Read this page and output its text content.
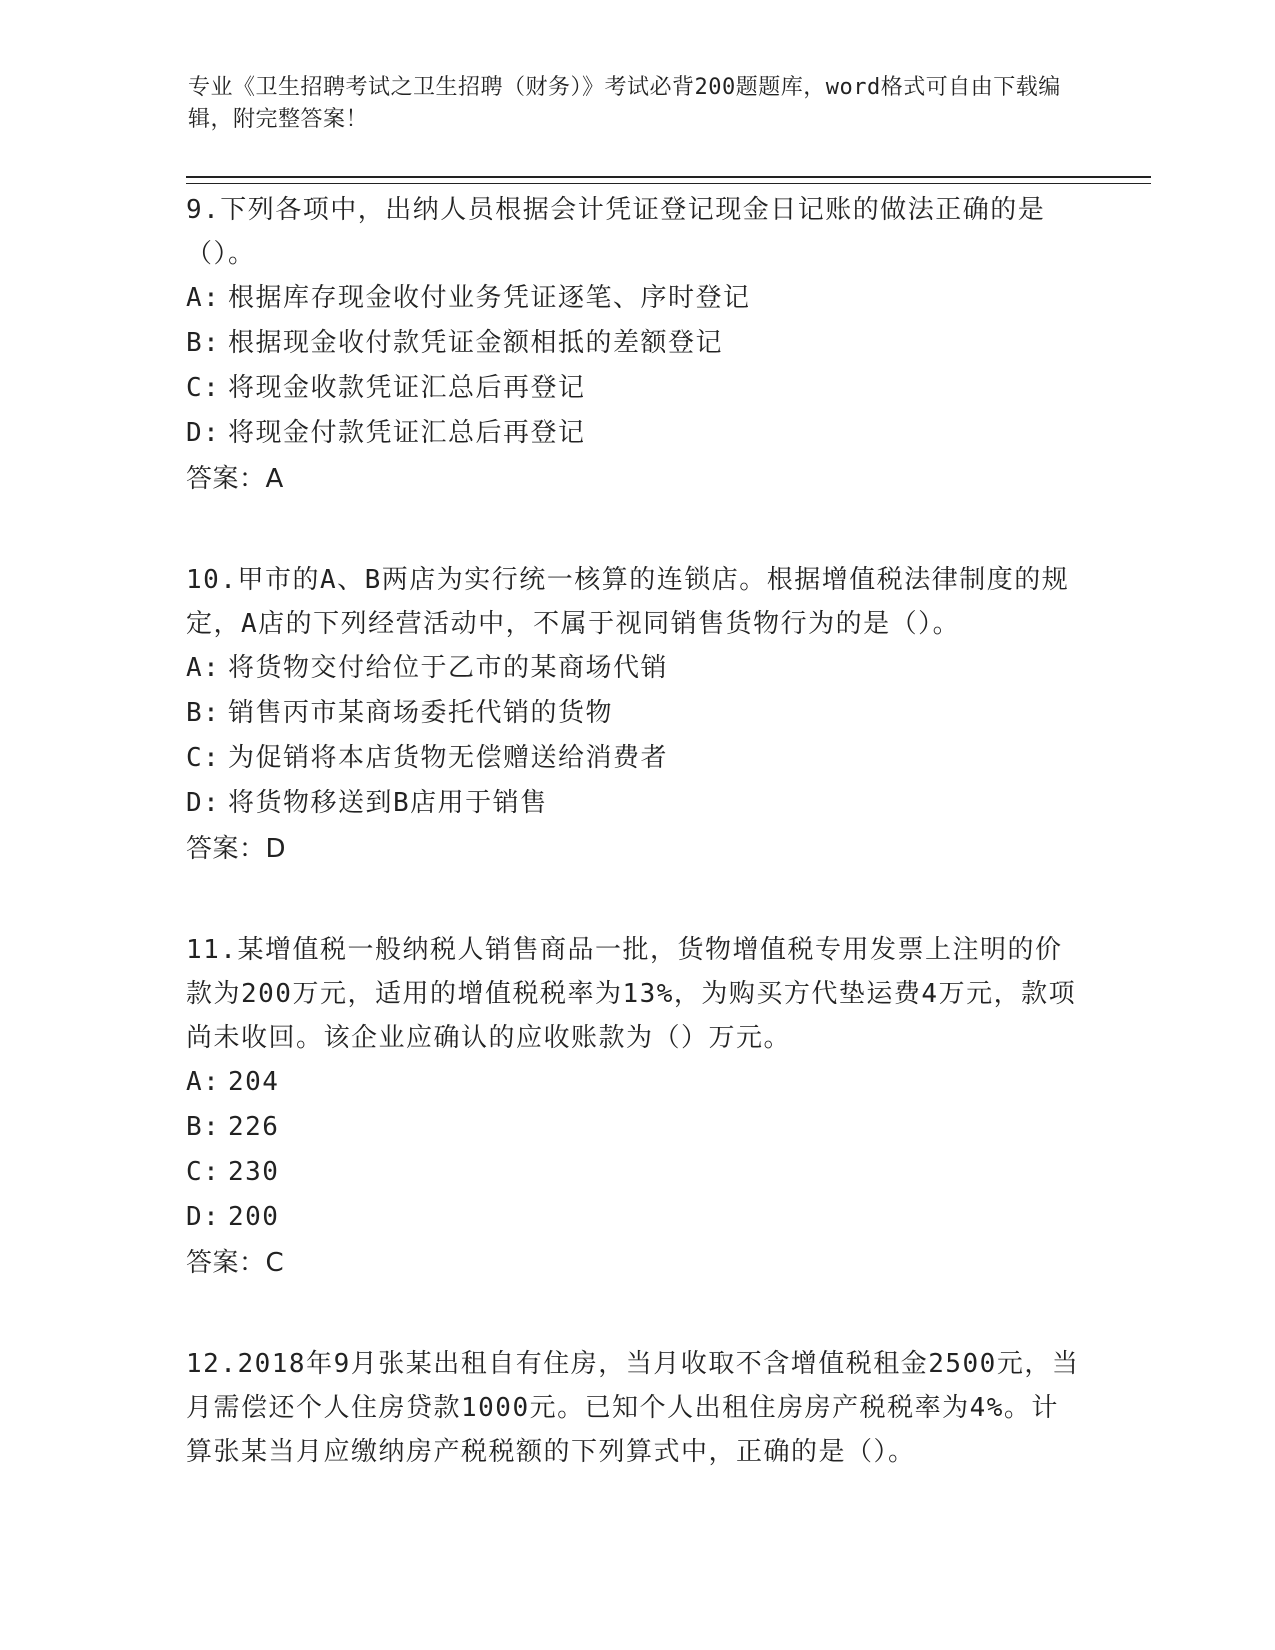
专业《卫生招聘考试之卫生招聘（财务）》考试必背200题题库，word格式可自由下载编辑，附完整答案！

9.下列各项中，出纳人员根据会计凭证登记现金日记账的做法正确的是（）。

A: 根据库存现金收付业务凭证逐笔、序时登记

B: 根据现金收付款凭证金额相抵的差额登记

C: 将现金收款凭证汇总后再登记

D: 将现金付款凭证汇总后再登记

答案：A

10.甲市的A、B两店为实行统一核算的连锁店。根据增值税法律制度的规定，A店的下列经营活动中，不属于视同销售货物行为的是（）。

A: 将货物交付给位于乙市的某商场代销

B: 销售丙市某商场委托代销的货物

C: 为促销将本店货物无偿赠送给消费者

D: 将货物移送到B店用于销售

答案：D

11.某增值税一般纳税人销售商品一批，货物增值税专用发票上注明的价款为200万元，适用的增值税税率为13%，为购买方代垫运费4万元，款项尚未收回。该企业应确认的应收账款为（）万元。

A: 204

B: 226

C: 230

D: 200

答案：C

12.2018年9月张某出租自有住房，当月收取不含增值税租金2500元，当月需偿还个人住房贷款1000元。已知个人出租住房房产税税率为4%。计算张某当月应缴纳房产税税额的下列算式中，正确的是（）。
